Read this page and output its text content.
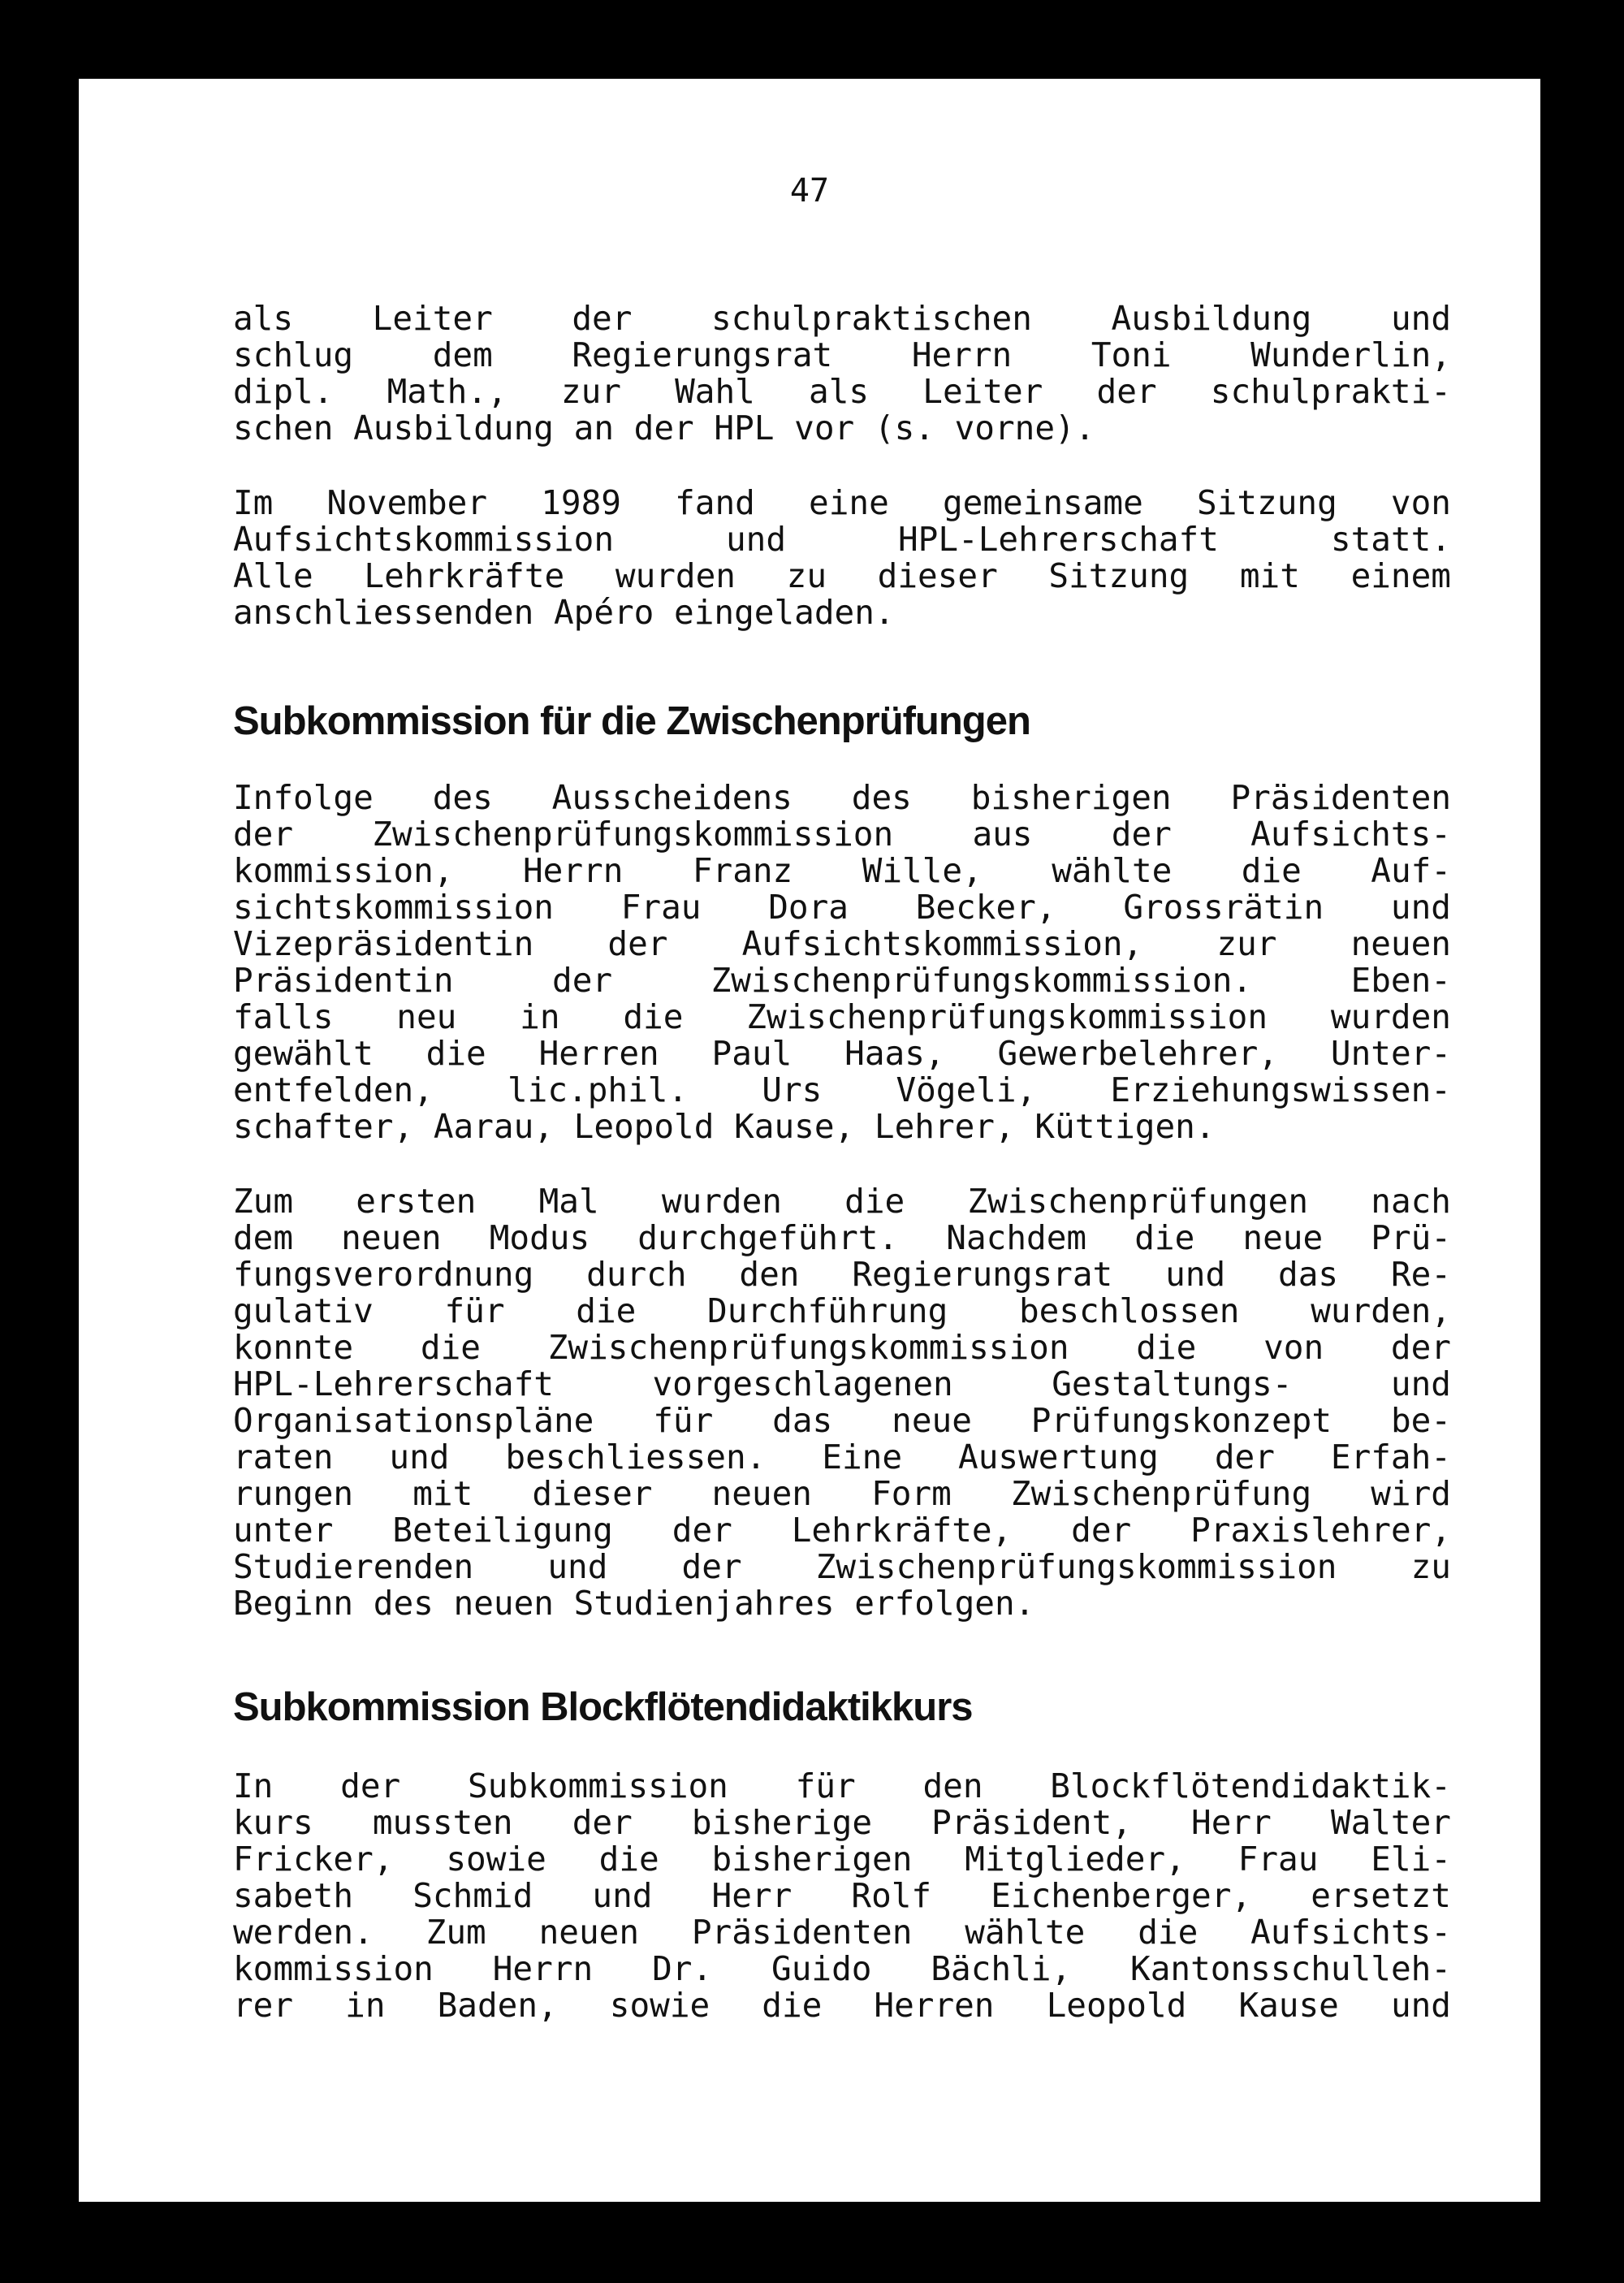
47

als Leiter der schulpraktischen Ausbildung und
schlug dem Regierungsrat Herrn Toni Wunderlin,
dipl. Math., zur Wahl als Leiter der schulprakti-
schen Ausbildung an der HPL vor (s. vorne).
Im November 1989 fand eine gemeinsame Sitzung von
Aufsichtskommission und HPL-Lehrerschaft statt.
Alle Lehrkräfte wurden zu dieser Sitzung mit einem
anschliessenden Apéro eingeladen.
Subkommission für die Zwischenprüfungen
Infolge des Ausscheidens des bisherigen Präsidenten
der Zwischenprüfungskommission aus der Aufsichts-
kommission, Herrn Franz Wille, wählte die Auf-
sichtskommission Frau Dora Becker, Grossrätin und
Vizepräsidentin der Aufsichtskommission, zur neuen
Präsidentin der Zwischenprüfungskommission. Eben-
falls neu in die Zwischenprüfungskommission wurden
gewählt die Herren Paul Haas, Gewerbelehrer, Unter-
entfelden, lic.phil. Urs Vögeli, Erziehungswissen-
schafter, Aarau, Leopold Kause, Lehrer, Küttigen.
Zum ersten Mal wurden die Zwischenprüfungen nach
dem neuen Modus durchgeführt. Nachdem die neue Prü-
fungsverordnung durch den Regierungsrat und das Re-
gulativ für die Durchführung beschlossen wurden,
konnte die Zwischenprüfungskommission die von der
HPL-Lehrerschaft vorgeschlagenen Gestaltungs- und
Organisationspläne für das neue Prüfungskonzept be-
raten und beschliessen. Eine Auswertung der Erfah-
rungen mit dieser neuen Form Zwischenprüfung wird
unter Beteiligung der Lehrkräfte, der Praxislehrer,
Studierenden und der Zwischenprüfungskommission zu
Beginn des neuen Studienjahres erfolgen.
Subkommission Blockflötendidaktikkurs
In der Subkommission für den Blockflötendidaktik-
kurs mussten der bisherige Präsident, Herr Walter
Fricker, sowie die bisherigen Mitglieder, Frau Eli-
sabeth Schmid und Herr Rolf Eichenberger, ersetzt
werden. Zum neuen Präsidenten wählte die Aufsichts-
kommission Herrn Dr. Guido Bächli, Kantonsschulleh-
rer in Baden, sowie die Herren Leopold Kause und
